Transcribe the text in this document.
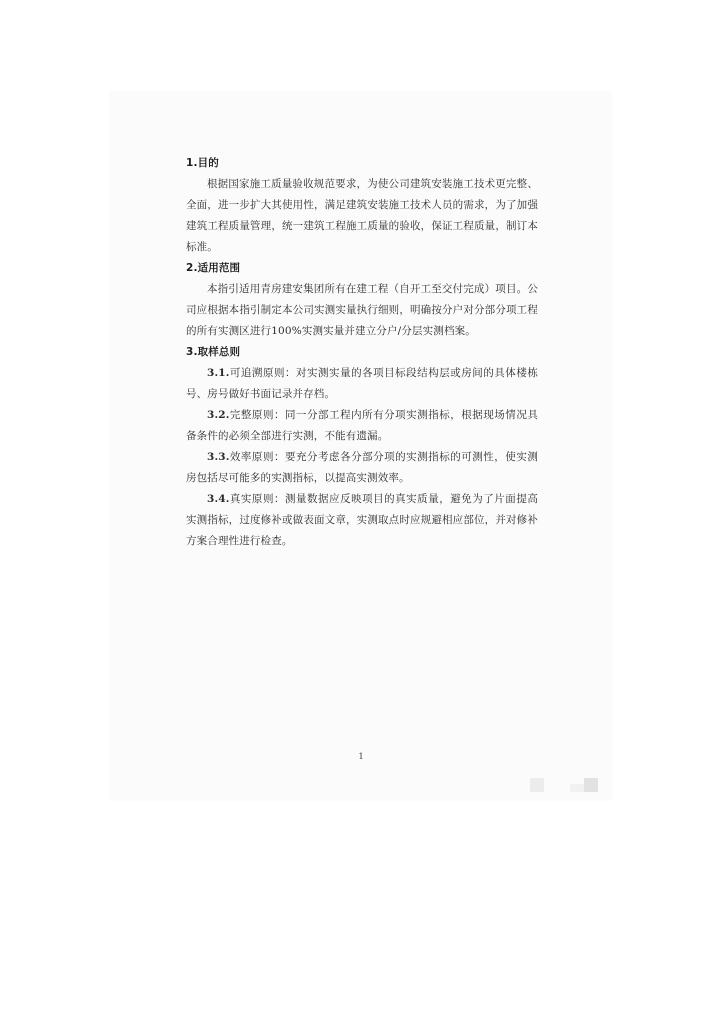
1.目的

根据国家施工质量验收规范要求，为使公司建筑安装施工技术更完整、全面，进一步扩大其使用性，满足建筑安装施工技术人员的需求，为了加强建筑工程质量管理，统一建筑工程施工质量的验收，保证工程质量，制订本标准。

2.适用范围

本指引适用青房建安集团所有在建工程（自开工至交付完成）项目。公司应根据本指引制定本公司实测实量执行细则，明确按分户对分部分项工程的所有实测区进行100%实测实量并建立分户/分层实测档案。

3.取样总则

3.1.可追溯原则：对实测实量的各项目标段结构层或房间的具体楼栋号、房号做好书面记录并存档。

3.2.完整原则：同一分部工程内所有分项实测指标，根据现场情况具备条件的必须全部进行实测，不能有遗漏。

3.3.效率原则：要充分考虑各分部分项的实测指标的可测性，使实测房包括尽可能多的实测指标，以提高实测效率。

3.4.真实原则：测量数据应反映项目的真实质量，避免为了片面提高实测指标，过度修补或做表面文章，实测取点时应规避相应部位，并对修补方案合理性进行检查。

1
